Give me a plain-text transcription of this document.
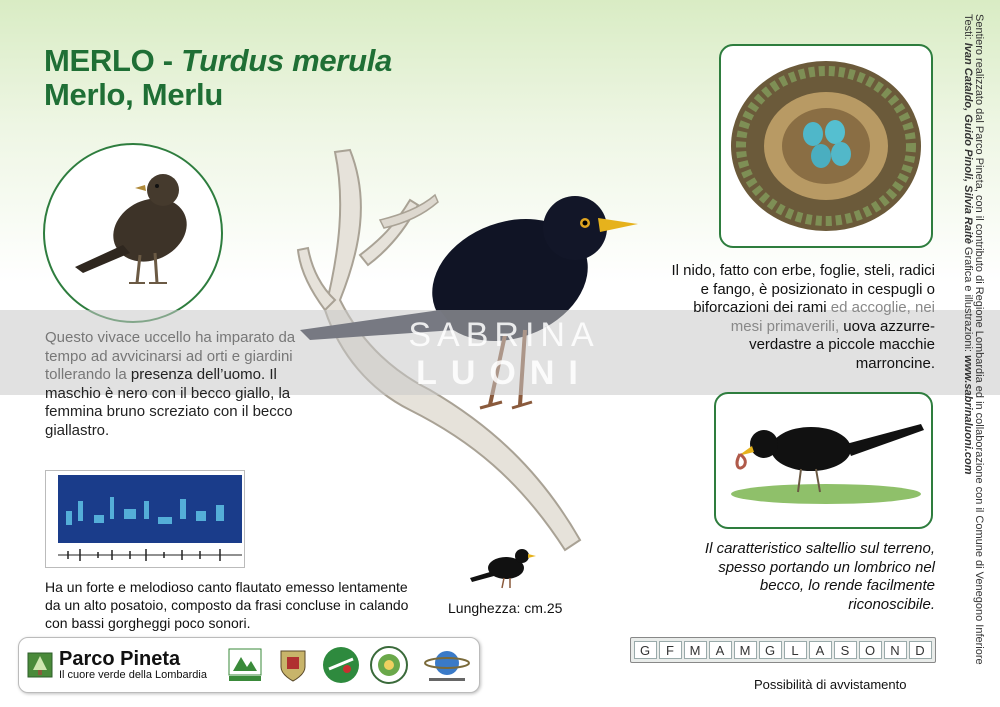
MERLO - Turdus merula
Merlo, Merlu
SABRINA
LUONI
Questo vivace uccello ha imparato da tempo ad avvicinarsi ad orti e giardini tollerando la presenza dell’uomo. Il maschio è nero con il becco giallo, la femmina bruno screziato con il becco giallastro.
Ha un forte e melodioso canto flautato emesso lentamente da un alto posatoio, composto da frasi concluse in calando con bassi gorgheggi poco sonori.
Lunghezza: cm.25
Il nido, fatto con erbe, foglie, steli, radici e fango, è posizionato in cespugli o biforcazioni dei rami ed accoglie, nei mesi primaverili, uova azzurre-verdastre a piccole macchie marroncine.
Il caratteristico saltellio sul terreno, spesso portando un lombrico nel becco, lo rende facilmente riconoscibile.	Sentiero realizzato dal Parco Pineta, con il contributo di Regione Lombardia ed in collaborazione con il Comune di Venegono Inferiore
Testi: Ivan Cataldo, Guido Pinoli, Silvia Raitè Grafica e illustrazioni: www.sabrinaluoni.com
G	F	M	A	M	G	L	A	S	O	N	D
Possibilità di avvistamento
Parco Pineta
Il cuore verde della Lombardia
